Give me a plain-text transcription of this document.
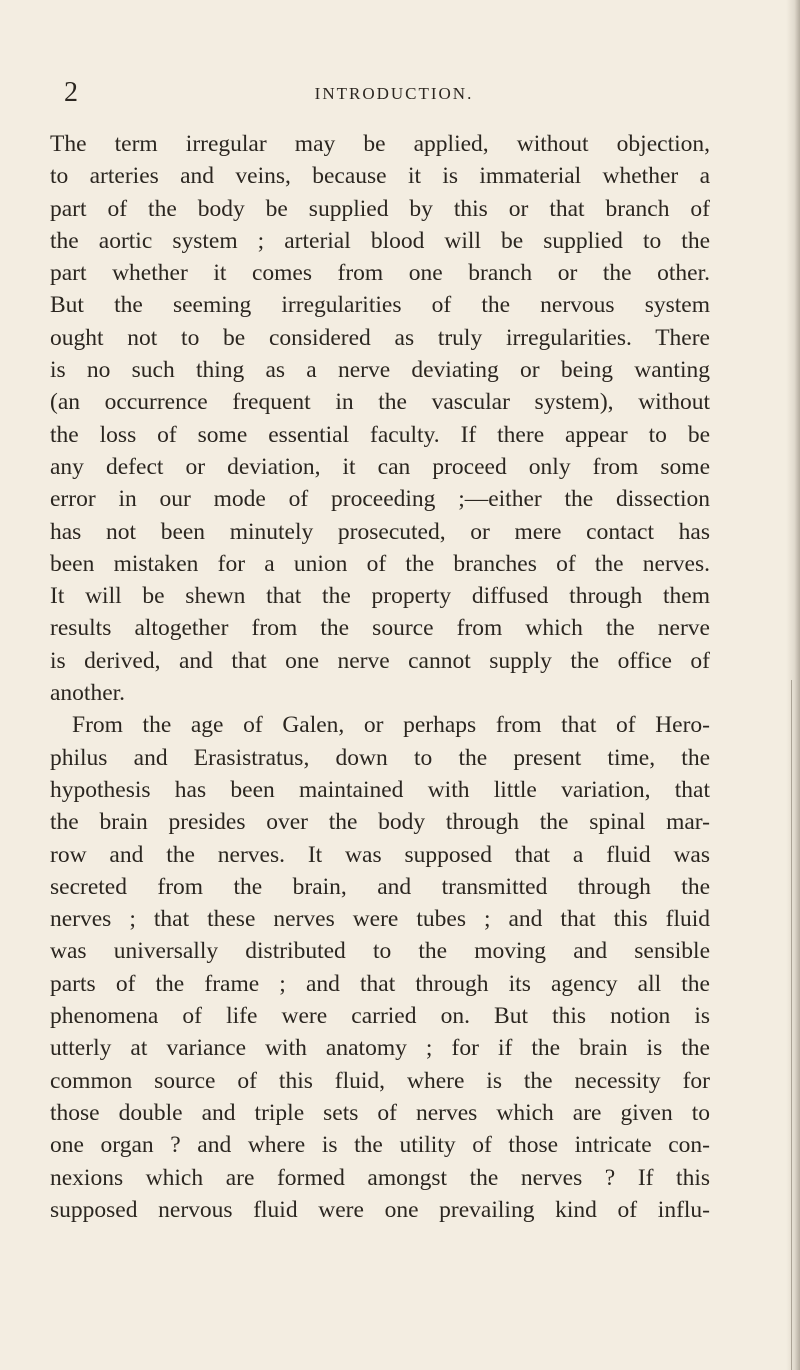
2	INTRODUCTION.
The term irregular may be applied, without objection,
to arteries and veins, because it is immaterial whether a
part of the body be supplied by this or that branch of
the aortic system ; arterial blood will be supplied to the
part whether it comes from one branch or the other.
But the seeming irregularities of the nervous system
ought not to be considered as truly irregularities. There
is no such thing as a nerve deviating or being wanting
(an occurrence frequent in the vascular system), without
the loss of some essential faculty. If there appear to be
any defect or deviation, it can proceed only from some
error in our mode of proceeding ;—either the dissection
has not been minutely prosecuted, or mere contact has
been mistaken for a union of the branches of the nerves.
It will be shewn that the property diffused through them
results altogether from the source from which the nerve
is derived, and that one nerve cannot supply the office of
another.
From the age of Galen, or perhaps from that of Hero-
philus and Erasistratus, down to the present time, the
hypothesis has been maintained with little variation, that
the brain presides over the body through the spinal mar-
row and the nerves. It was supposed that a fluid was
secreted from the brain, and transmitted through the
nerves ; that these nerves were tubes ; and that this fluid
was universally distributed to the moving and sensible
parts of the frame ; and that through its agency all the
phenomena of life were carried on. But this notion is
utterly at variance with anatomy ; for if the brain is the
common source of this fluid, where is the necessity for
those double and triple sets of nerves which are given to
one organ ? and where is the utility of those intricate con-
nexions which are formed amongst the nerves ? If this
supposed nervous fluid were one prevailing kind of influ-
